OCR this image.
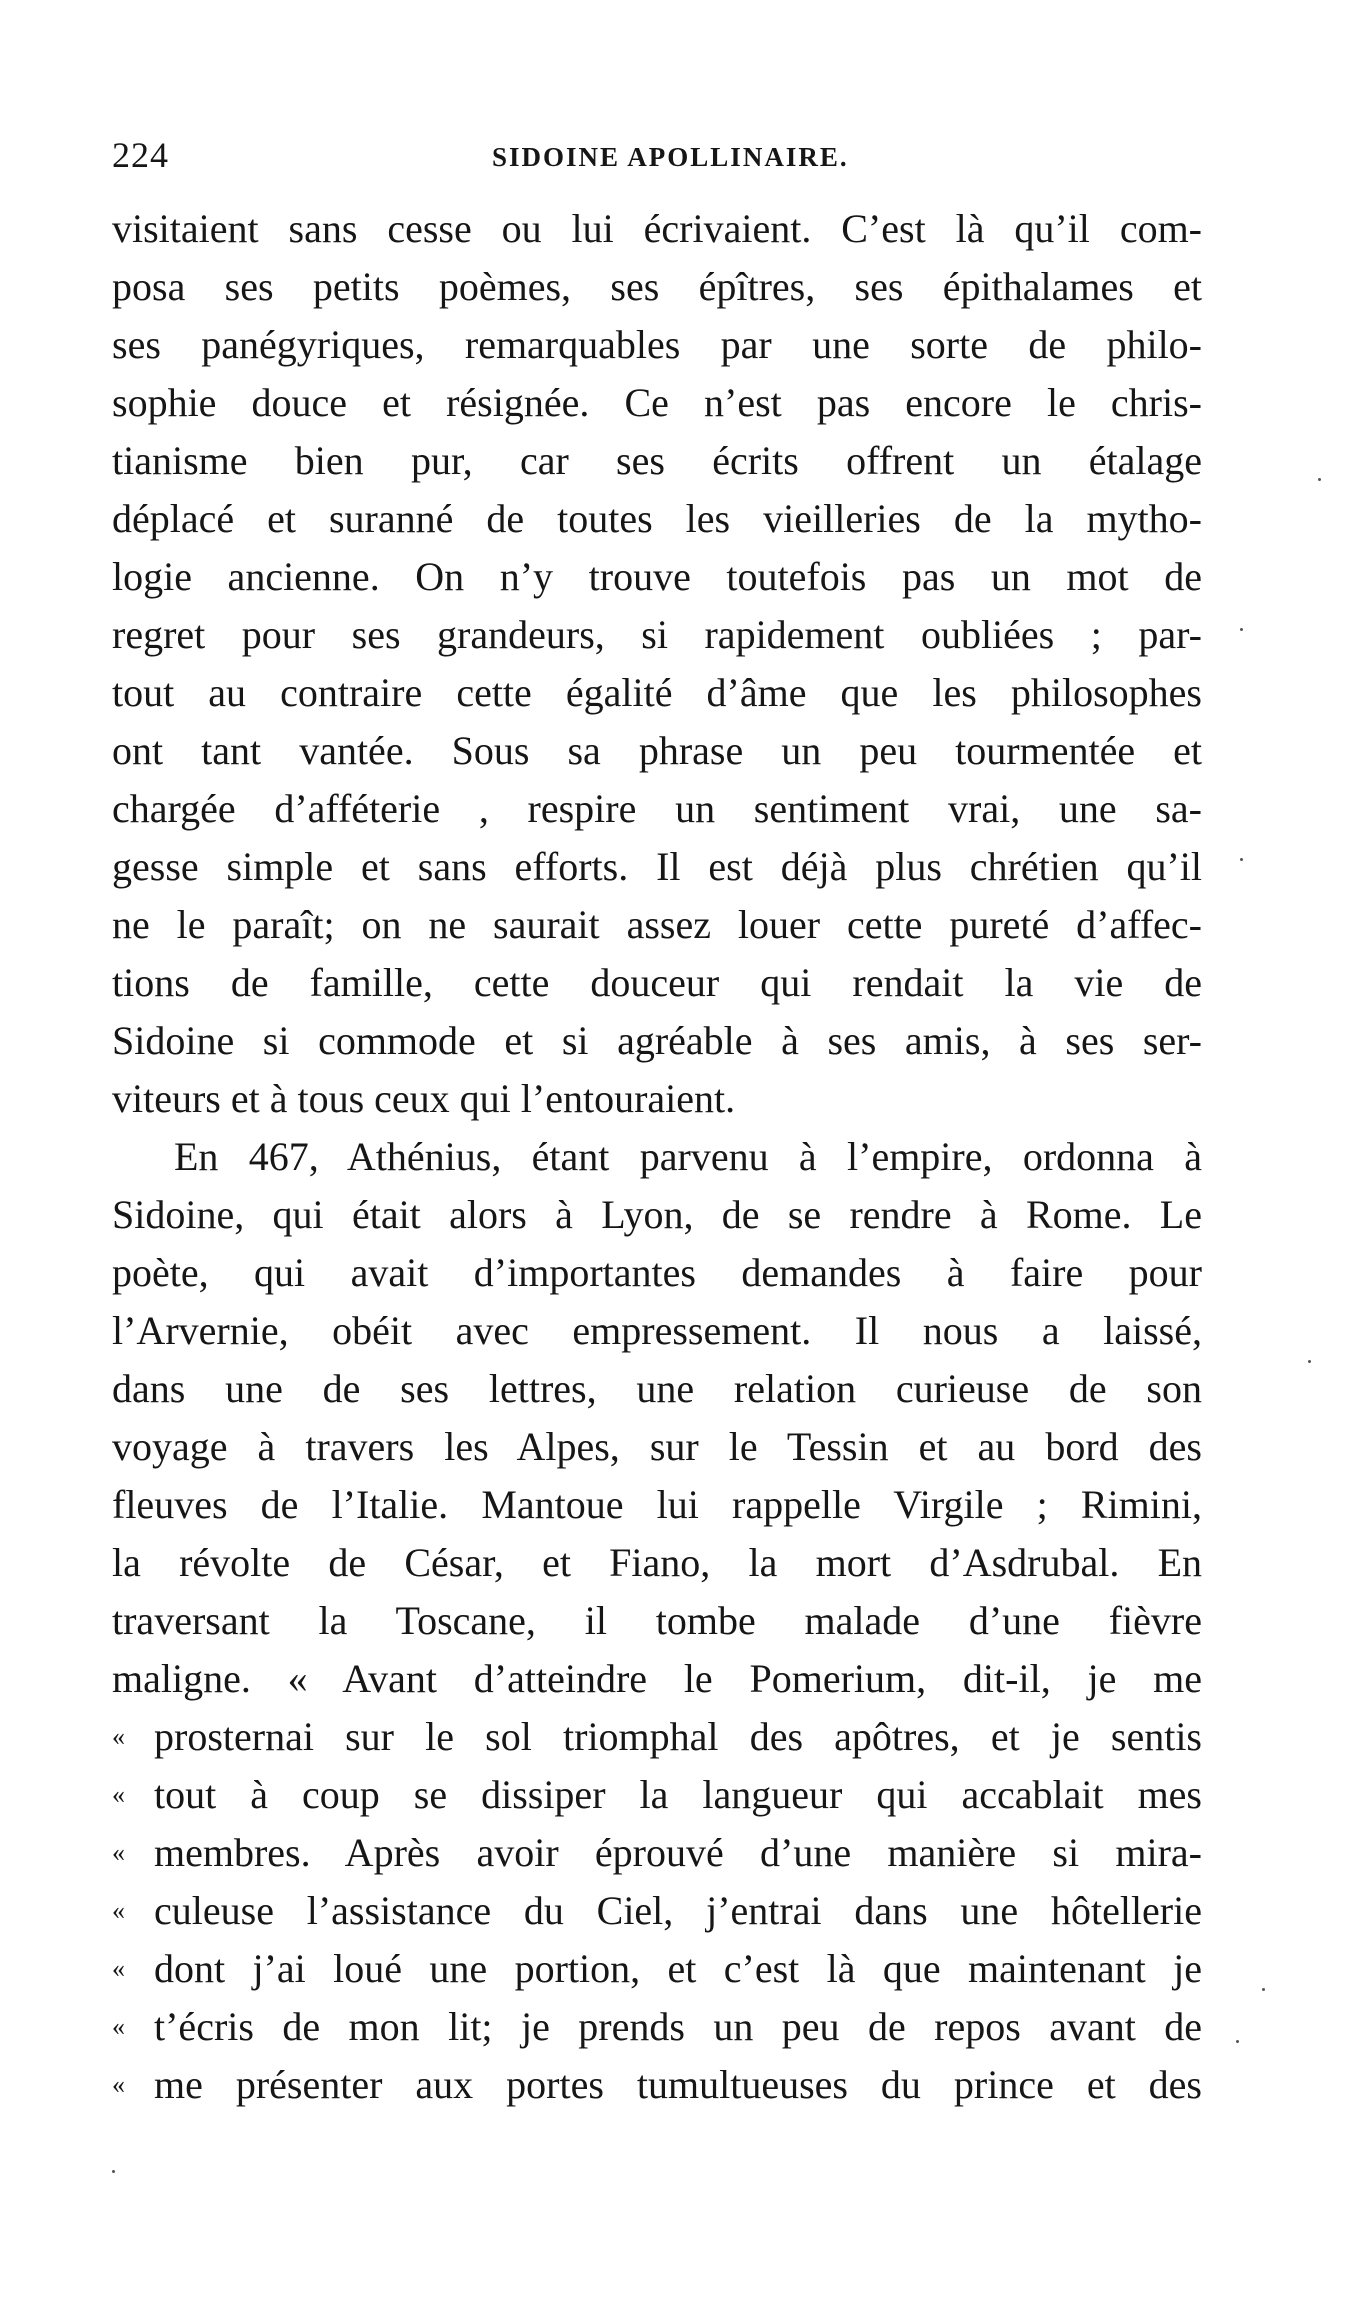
224	SIDOINE APOLLINAIRE.
visitaient sans cesse ou lui écrivaient. C’est là qu’il com-
posa ses petits poèmes, ses épîtres, ses épithalames et
ses panégyriques, remarquables par une sorte de philo-
sophie douce et résignée. Ce n’est pas encore le chris-
tianisme bien pur, car ses écrits offrent un étalage
déplacé et suranné de toutes les vieilleries de la mytho-
logie ancienne. On n’y trouve toutefois pas un mot de
regret pour ses grandeurs, si rapidement oubliées ; par-
tout au contraire cette égalité d’âme que les philosophes
ont tant vantée. Sous sa phrase un peu tourmentée et
chargée d’afféterie , respire un sentiment vrai, une sa-
gesse simple et sans efforts. Il est déjà plus chrétien qu’il
ne le paraît; on ne saurait assez louer cette pureté d’affec-
tions de famille, cette douceur qui rendait la vie de
Sidoine si commode et si agréable à ses amis, à ses ser-
viteurs et à tous ceux qui l’entouraient.
En 467, Athénius, étant parvenu à l’empire, ordonna à
Sidoine, qui était alors à Lyon, de se rendre à Rome. Le
poète, qui avait d’importantes demandes à faire pour
l’Arvernie, obéit avec empressement. Il nous a laissé,
dans une de ses lettres, une relation curieuse de son
voyage à travers les Alpes, sur le Tessin et au bord des
fleuves de l’Italie. Mantoue lui rappelle Virgile ; Rimini,
la révolte de César, et Fiano, la mort d’Asdrubal. En
traversant la Toscane, il tombe malade d’une fièvre
maligne. « Avant d’atteindre le Pomerium, dit-il, je me
« prosternai sur le sol triomphal des apôtres, et je sentis
« tout à coup se dissiper la langueur qui accablait mes
« membres. Après avoir éprouvé d’une manière si mira-
« culeuse l’assistance du Ciel, j’entrai dans une hôtellerie
« dont j’ai loué une portion, et c’est là que maintenant je
« t’écris de mon lit; je prends un peu de repos avant de
« me présenter aux portes tumultueuses du prince et des
